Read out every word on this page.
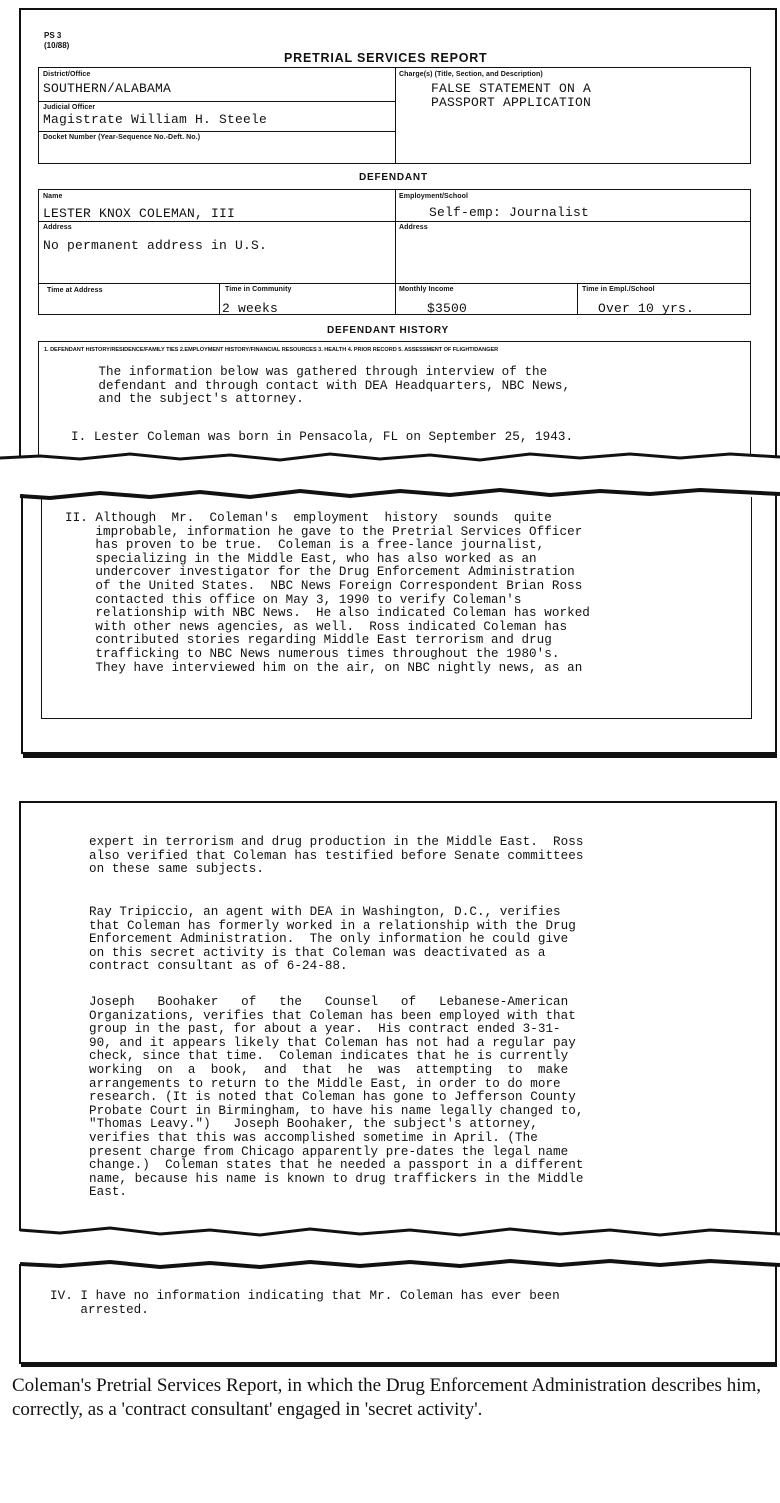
PS 3
(10/88)
PRETRIAL SERVICES REPORT
District/Office
SOUTHERN/ALABAMA
Judicial Officer
Magistrate William H. Steele
Docket Number (Year-Sequence No.-Deft. No.)
Charge(s) (Title, Section, and Description)
FALSE STATEMENT ON A
PASSPORT APPLICATION
DEFENDANT
Name
LESTER KNOX COLEMAN, III
Employment/School
Self-emp: Journalist
Address
No permanent address in U.S.
Address
Time at Address	Time in Community
2 weeks
Monthly Income
$3500
Time in Empl./School
Over 10 yrs.
DEFENDANT HISTORY
1. DEFENDANT HISTORY/RESIDENCE/FAMILY TIES 2.EMPLOYMENT HISTORY/FINANCIAL RESOURCES 3. HEALTH 4. PRIOR RECORD 5. ASSESSMENT OF FLIGHT/DANGER
The information below was gathered through interview of the
defendant and through contact with DEA Headquarters, NBC News,
and the subject's attorney.
I. Lester Coleman was born in Pensacola, FL on September 25, 1943.
II. Although  Mr.  Coleman's  employment  history  sounds  quite
improbable, information he gave to the Pretrial Services Officer
has proven to be true.  Coleman is a free-lance journalist,
specializing in the Middle East, who has also worked as an
undercover investigator for the Drug Enforcement Administration
of the United States.  NBC News Foreign Correspondent Brian Ross
contacted this office on May 3, 1990 to verify Coleman's
relationship with NBC News.  He also indicated Coleman has worked
with other news agencies, as well.  Ross indicated Coleman has
contributed stories regarding Middle East terrorism and drug
trafficking to NBC News numerous times throughout the 1980's.
They have interviewed him on the air, on NBC nightly news, as an
expert in terrorism and drug production in the Middle East.  Ross
also verified that Coleman has testified before Senate committees
on these same subjects.
Ray Tripiccio, an agent with DEA in Washington, D.C., verifies
that Coleman has formerly worked in a relationship with the Drug
Enforcement Administration.  The only information he could give
on this secret activity is that Coleman was deactivated as a
contract consultant as of 6-24-88.
Joseph   Boohaker   of   the   Counsel   of   Lebanese-American
Organizations, verifies that Coleman has been employed with that
group in the past, for about a year.  His contract ended 3-31-
90, and it appears likely that Coleman has not had a regular pay
check, since that time.  Coleman indicates that he is currently
working  on  a  book,  and  that  he  was  attempting  to  make
arrangements to return to the Middle East, in order to do more
research. (It is noted that Coleman has gone to Jefferson County
Probate Court in Birmingham, to have his name legally changed to,
"Thomas Leavy.")   Joseph Boohaker, the subject's attorney,
verifies that this was accomplished sometime in April. (The
present charge from Chicago apparently pre-dates the legal name
change.)  Coleman states that he needed a passport in a different
name, because his name is known to drug traffickers in the Middle
East.
IV. I have no information indicating that Mr. Coleman has ever been
arrested.
Coleman's Pretrial Services Report, in which the Drug Enforcement Administration describes him, correctly, as a 'contract consultant' engaged in 'secret activity'.
